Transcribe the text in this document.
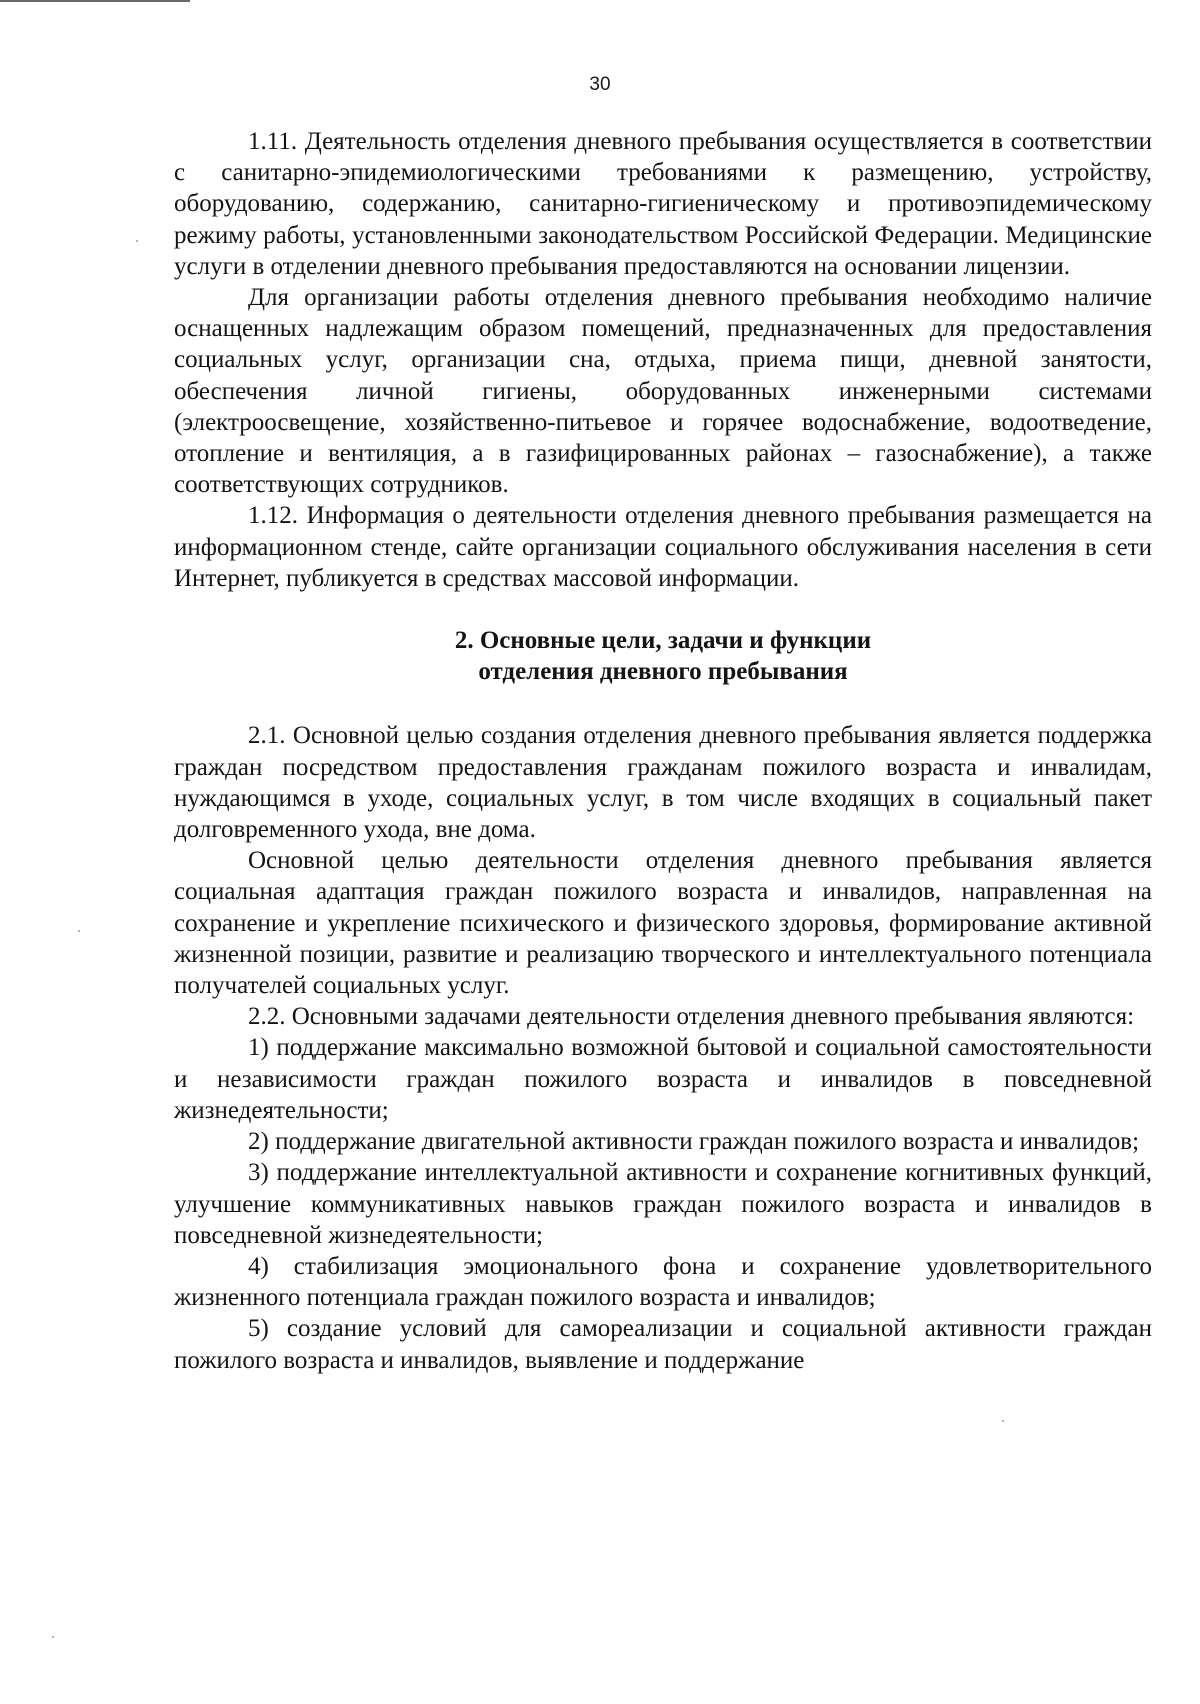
30

1.11. Деятельность отделения дневного пребывания осуществляется в соответствии с санитарно-эпидемиологическими требованиями к размещению, устройству, оборудованию, содержанию, санитарно-гигиеническому и противоэпидемическому режиму работы, установленными законодательством Российской Федерации. Медицинские услуги в отделении дневного пребывания предоставляются на основании лицензии.

Для организации работы отделения дневного пребывания необходимо наличие оснащенных надлежащим образом помещений, предназначенных для предоставления социальных услуг, организации сна, отдыха, приема пищи, дневной занятости, обеспечения личной гигиены, оборудованных инженерными системами (электроосвещение, хозяйственно-питьевое и горячее водоснабжение, водоотведение, отопление и вентиляция, а в газифицированных районах – газоснабжение), а также соответствующих сотрудников.

1.12. Информация о деятельности отделения дневного пребывания размещается на информационном стенде, сайте организации социального обслуживания населения в сети Интернет, публикуется в средствах массовой информации.

2. Основные цели, задачи и функции
отделения дневного пребывания

2.1. Основной целью создания отделения дневного пребывания является поддержка граждан посредством предоставления гражданам пожилого возраста и инвалидам, нуждающимся в уходе, социальных услуг, в том числе входящих в социальный пакет долговременного ухода, вне дома.

Основной целью деятельности отделения дневного пребывания является социальная адаптация граждан пожилого возраста и инвалидов, направленная на сохранение и укрепление психического и физического здоровья, формирование активной жизненной позиции, развитие и реализацию творческого и интеллектуального потенциала получателей социальных услуг.

2.2. Основными задачами деятельности отделения дневного пребывания являются:

1) поддержание максимально возможной бытовой и социальной самостоятельности и независимости граждан пожилого возраста и инвалидов в повседневной жизнедеятельности;

2) поддержание двигательной активности граждан пожилого возраста и инвалидов;

3) поддержание интеллектуальной активности и сохранение когнитивных функций, улучшение коммуникативных навыков граждан пожилого возраста и инвалидов в повседневной жизнедеятельности;

4) стабилизация эмоционального фона и сохранение удовлетворительного жизненного потенциала граждан пожилого возраста и инвалидов;

5) создание условий для самореализации и социальной активности граждан пожилого возраста и инвалидов, выявление и поддержание
